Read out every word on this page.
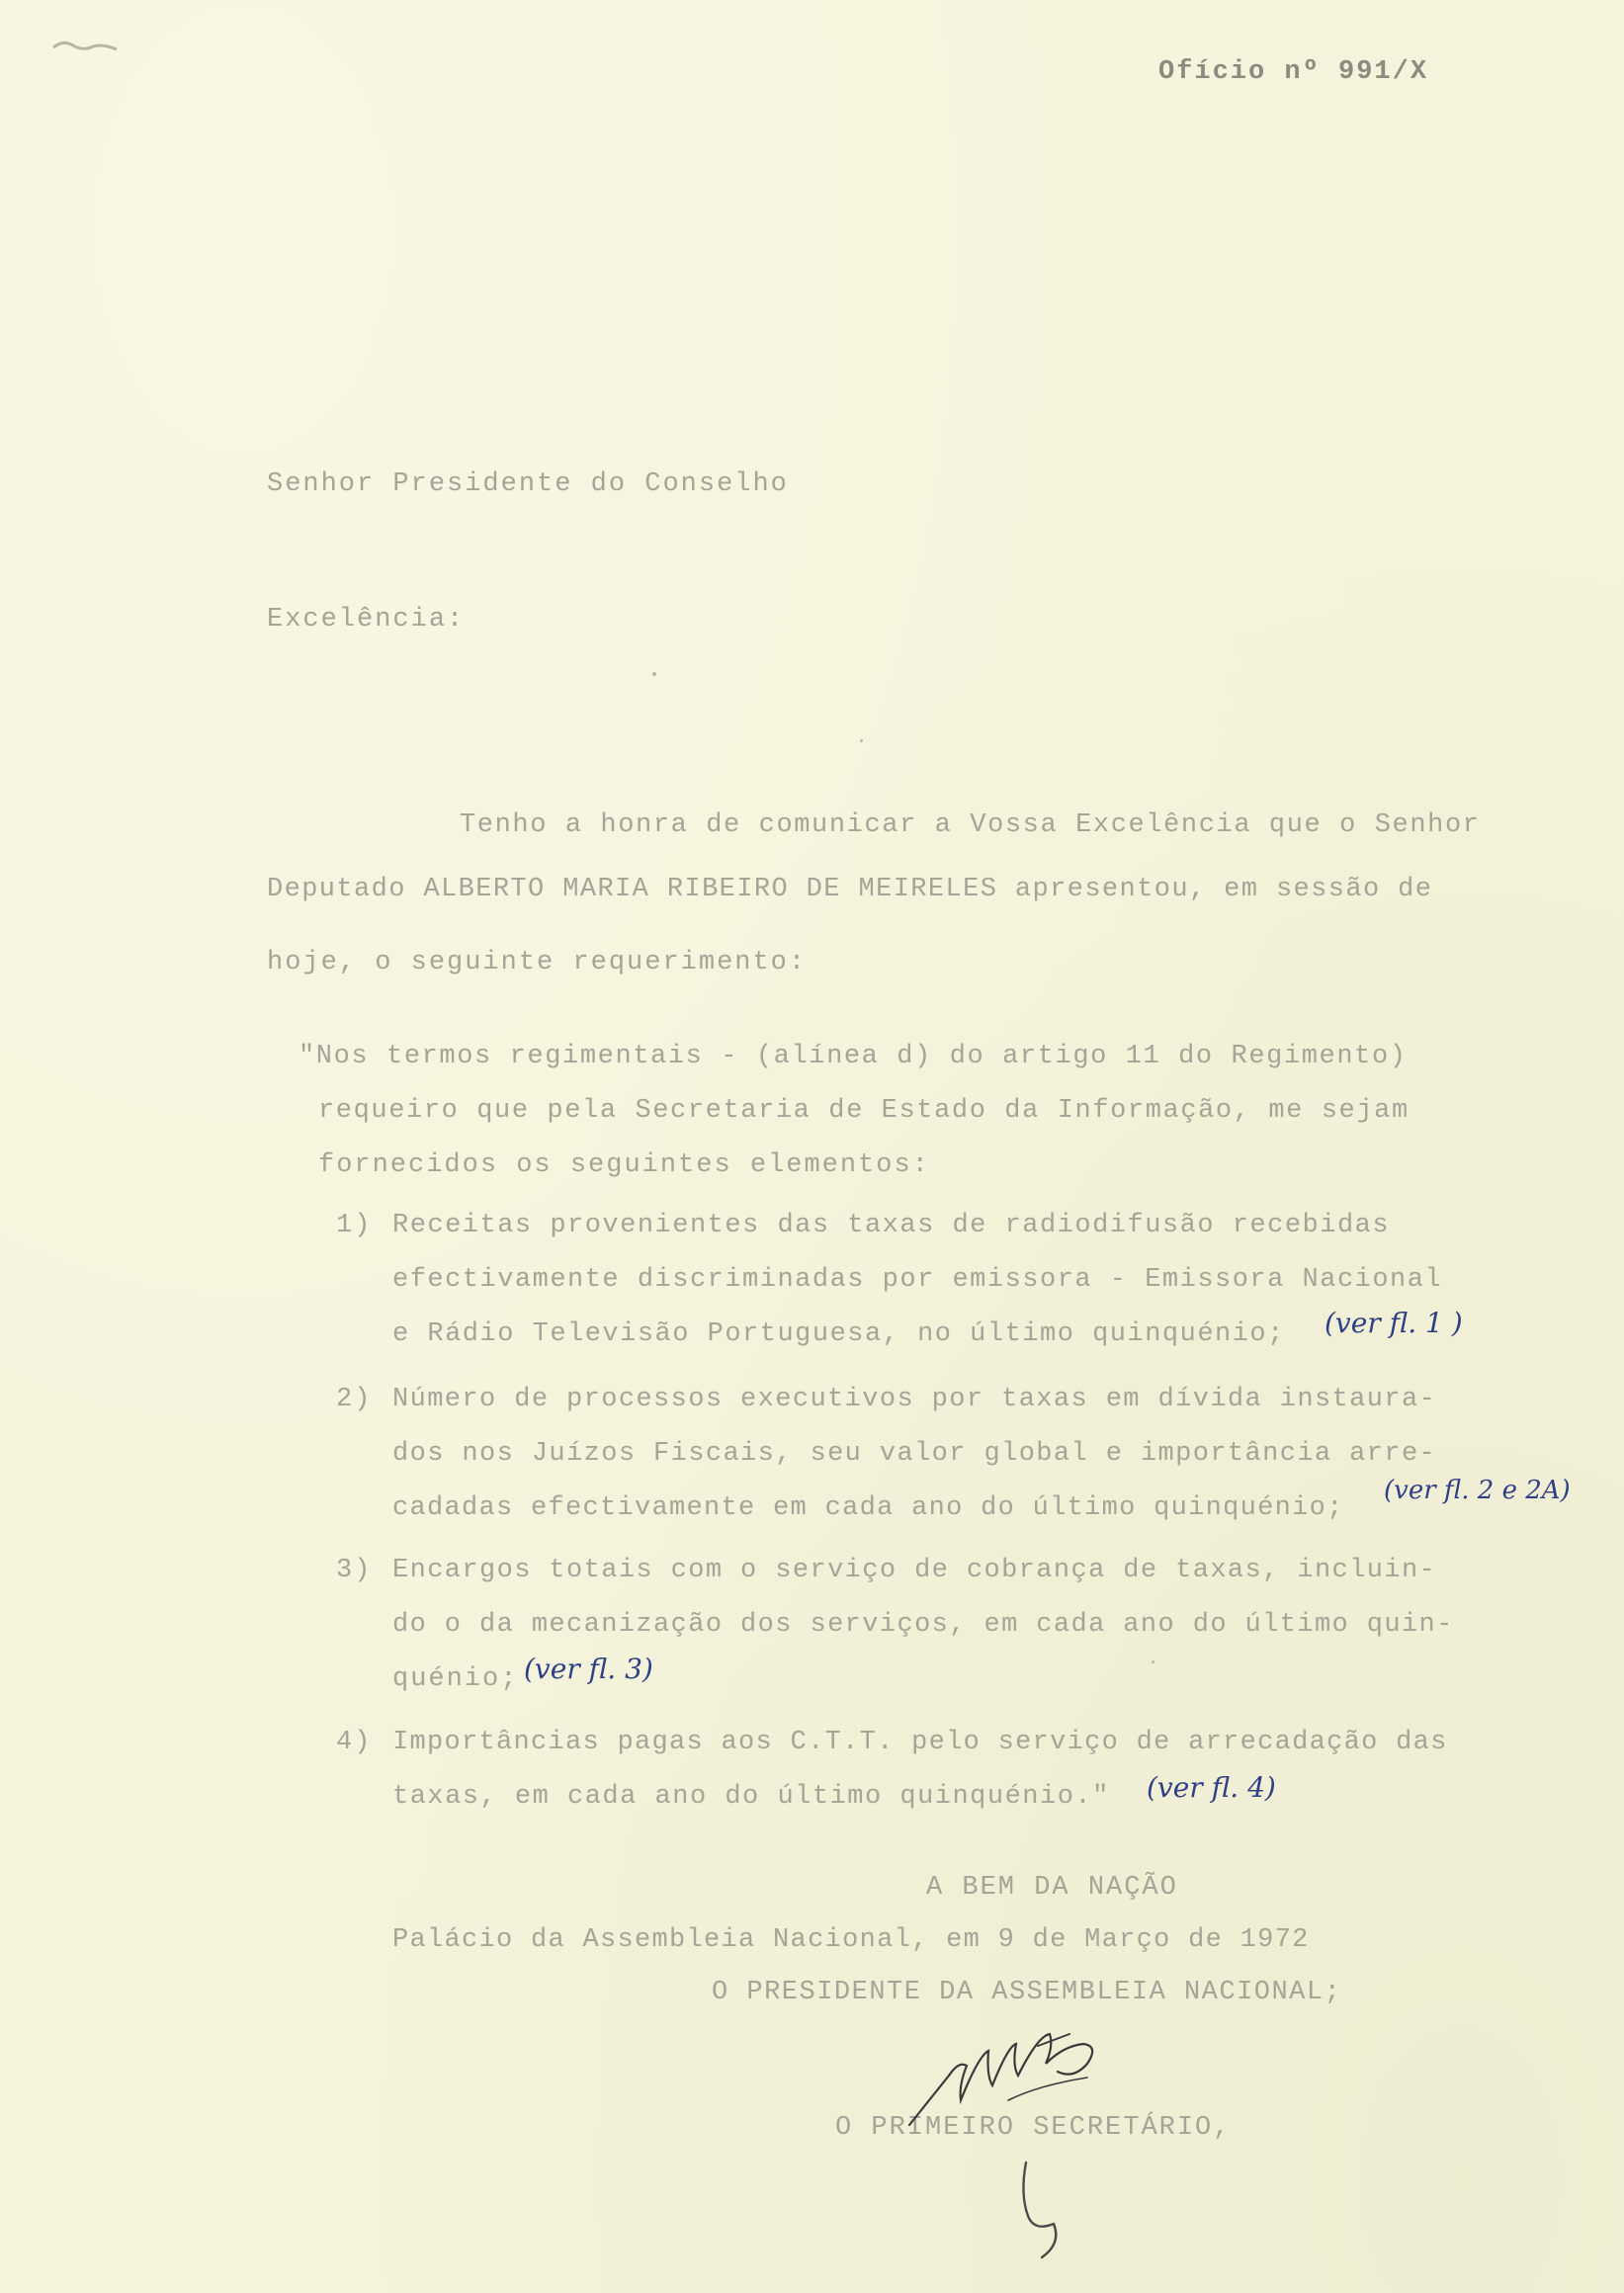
Ofício nº 991/X
Senhor Presidente do Conselho
Excelência:
Tenho a honra de comunicar a Vossa Excelência que o Senhor
Deputado ALBERTO MARIA RIBEIRO DE MEIRELES apresentou, em sessão de
hoje, o seguinte requerimento:
"Nos termos regimentais - (alínea d) do artigo 11 do Regimento)
requeiro que pela Secretaria de Estado da Informação, me sejam
fornecidos os seguintes elementos:
1) Receitas provenientes das taxas de radiodifusão recebidas
efectivamente discriminadas por emissora - Emissora Nacional
e Rádio Televisão Portuguesa, no último quinquénio; (ver fl. 1 )
2) Número de processos executivos por taxas em dívida instaura-
dos nos Juízos Fiscais, seu valor global e importância arre-
cadadas efectivamente em cada ano do último quinquénio;
(ver fl. 2 e 2A)
3) Encargos totais com o serviço de cobrança de taxas, incluin-
do o da mecanização dos serviços, em cada ano do último quin-
quénio; (ver fl. 3)
4) Importâncias pagas aos C.T.T. pelo serviço de arrecadação das
taxas, em cada ano do último quinquénio." (ver fl. 4)
A BEM DA NAÇÃO
Palácio da Assembleia Nacional, em 9 de Março de 1972
O PRESIDENTE DA ASSEMBLEIA NACIONAL;
O PRIMEIRO SECRETÁRIO,
